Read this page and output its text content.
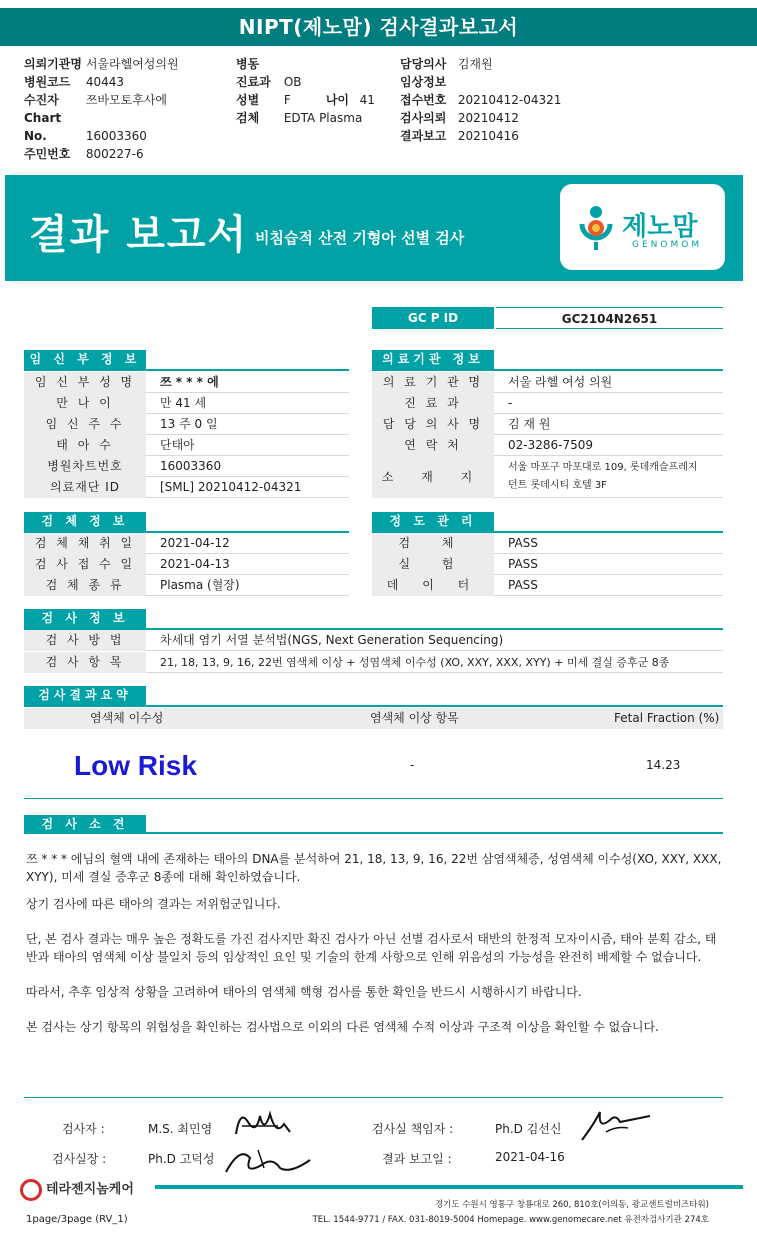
NIPT(제노맘) 검사결과보고서
의뢰기관명 서울라헬여성의원
병원코드 40443
수진자 쯔바모토후사에
Chart No.	16003360
주민번호 800227-6
병동
진료과 OB
성별 F	나이 41
검체 EDTA Plasma
담당의사 김재원
임상정보
접수번호 20210412-04321
검사의뢰 20210412
결과보고 20210416
결과 보고서 비침습적 산전 기형아 선별 검사	제노맘
GENOMOM
GC P ID	GC2104N2651
임 신 부 정 보
임 신 부 성 명	쯔 * * * 에
만 나 이	만 41 세
임 신 주 수	13 주 0 일
태 아 수	단태아
병원차트번호	16003360
의료재단 ID	[SML] 20210412-04321
의료기관 정보
의 료 기 관 명	서울 라헬 여성 의원
진 료 과	-
담 당 의 사 명	김 재 원
연 락 처	02-3286-7509
소 재 지
서울 마포구 마포대로 109, 롯데캐슬프레지
던트 롯데시티 호텔 3F
검 체 정 보
검 체 채 취 일	2021-04-12
검 사 접 수 일	2021-04-13
검 체 종 류	Plasma (혈장)
정 도 관 리
검 체	PASS
실 험	PASS
데 이 터	PASS
검 사 정 보
검 사 방 법	차세대 염기 서열 분석법(NGS, Next Generation Sequencing)
검 사 항 목	21, 18, 13, 9, 16, 22번 염색체 이상 + 성염색체 이수성 (XO, XXY, XXX, XYY) + 미세 결실 증후군 8종
검사결과요약
염색체 이수성	염색체 이상 항목	Fetal Fraction (%)
Low Risk	-	14.23
검 사 소 견
쯔 * * * 에님의 혈액 내에 존재하는 태아의 DNA를 분석하여 21, 18, 13, 9, 16, 22번 삼염색체증, 성염색체 이수성(XO, XXY, XXX, XYY), 미세 결실 증후군 8종에 대해 확인하였습니다.
상기 검사에 따른 태아의 결과는 저위험군입니다.
단, 본 검사 결과는 매우 높은 정확도를 가진 검사지만 확진 검사가 아닌 선별 검사로서 태반의 한정적 모자이시즘, 태아 분획 감소, 태반과 태아의 염색체 이상 불일치 등의 임상적인 요인 및 기술의 한계 사항으로 인해 위음성의 가능성을 완전히 배제할 수 없습니다.
따라서, 추후 임상적 상황을 고려하여 태아의 염색체 핵형 검사를 통한 확인을 반드시 시행하시기 바랍니다.
본 검사는 상기 항목의 위험성을 확인하는 검사법으로 이외의 다른 염색체 수적 이상과 구조적 이상을 확인할 수 없습니다.
검사자 :	M.S. 최민영	검사실 책임자 :	Ph.D 김선신
검사실장 :	Ph.D 고덕성	결과 보고일 :	2021-04-16
테라젠지놈케어
경기도 수원시 영통구 창룡대로 260, 810호(이의동, 광교센트럴비즈타워)
TEL. 1544-9771 / FAX. 031-8019-5004 Homepage. www.genomecare.net 유전자검사기관 274호
1page/3page (RV_1)
